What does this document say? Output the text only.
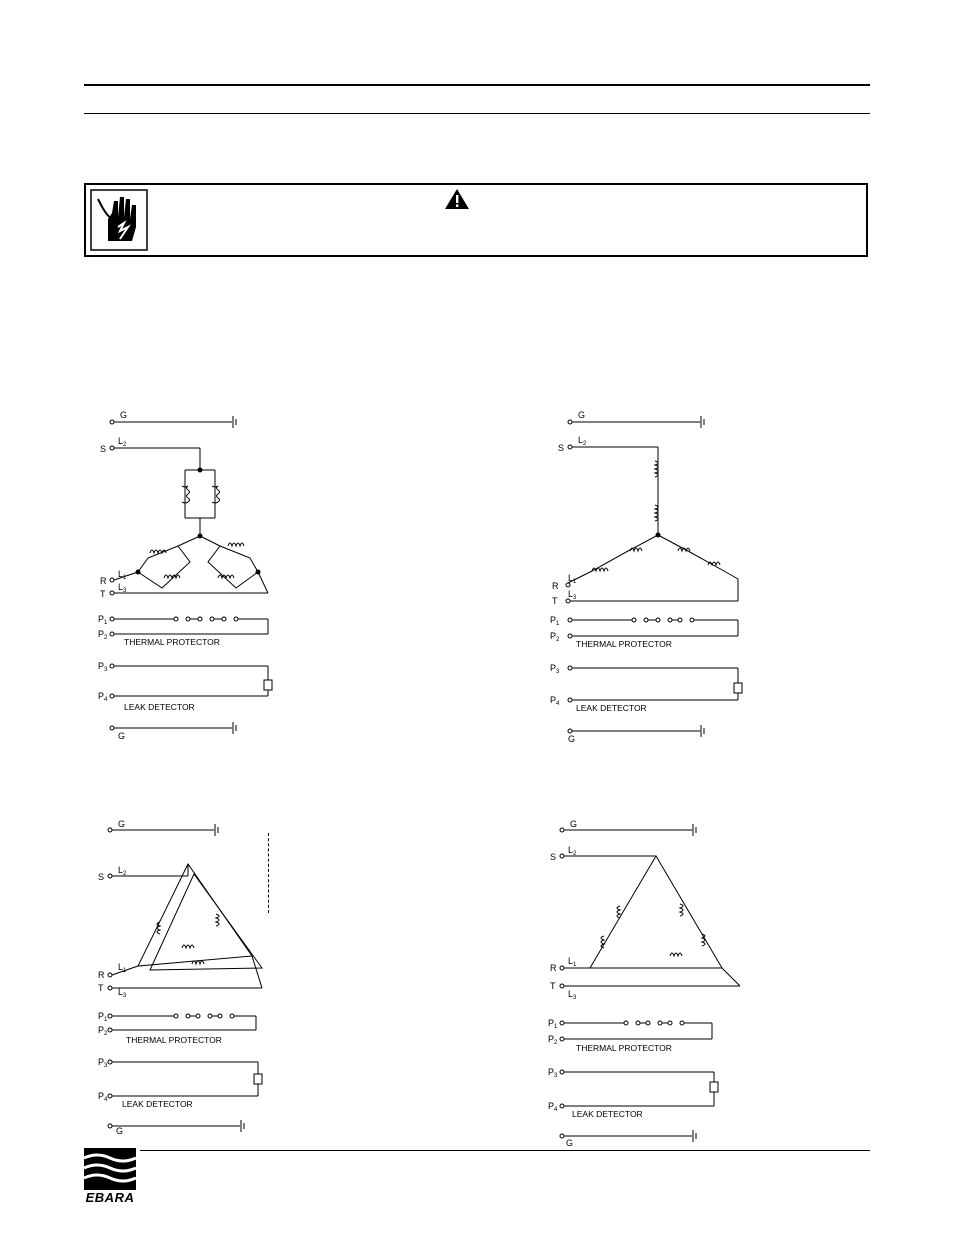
G
S
$L_2$
R
$L_1$
T
$L_3$
$P_1$
$P_2$ THERMAL PROTECTOR
$P_3$
$P_4$
LEAK DETECTOR
G
G
S
$L_2$
R
$L_1$
T
$L_3$
$P_1$
$P_2$ THERMAL PROTECTOR
$P_3$
$P_4$ LEAK DETECTOR
G
G
S
$L_2$
R
$L_1$
T $L_3$
$P_1$
$P_2$
THERMAL PROTECTOR
$P_3$
$P_4$ LEAK DETECTOR
G
G
S
$L_2$
R
$L_1$
T
$L_3$
$P_1$
$P_2$ THERMAL PROTECTOR
$P_3$
$P_4$ LEAK DETECTOR
G
EBARA
